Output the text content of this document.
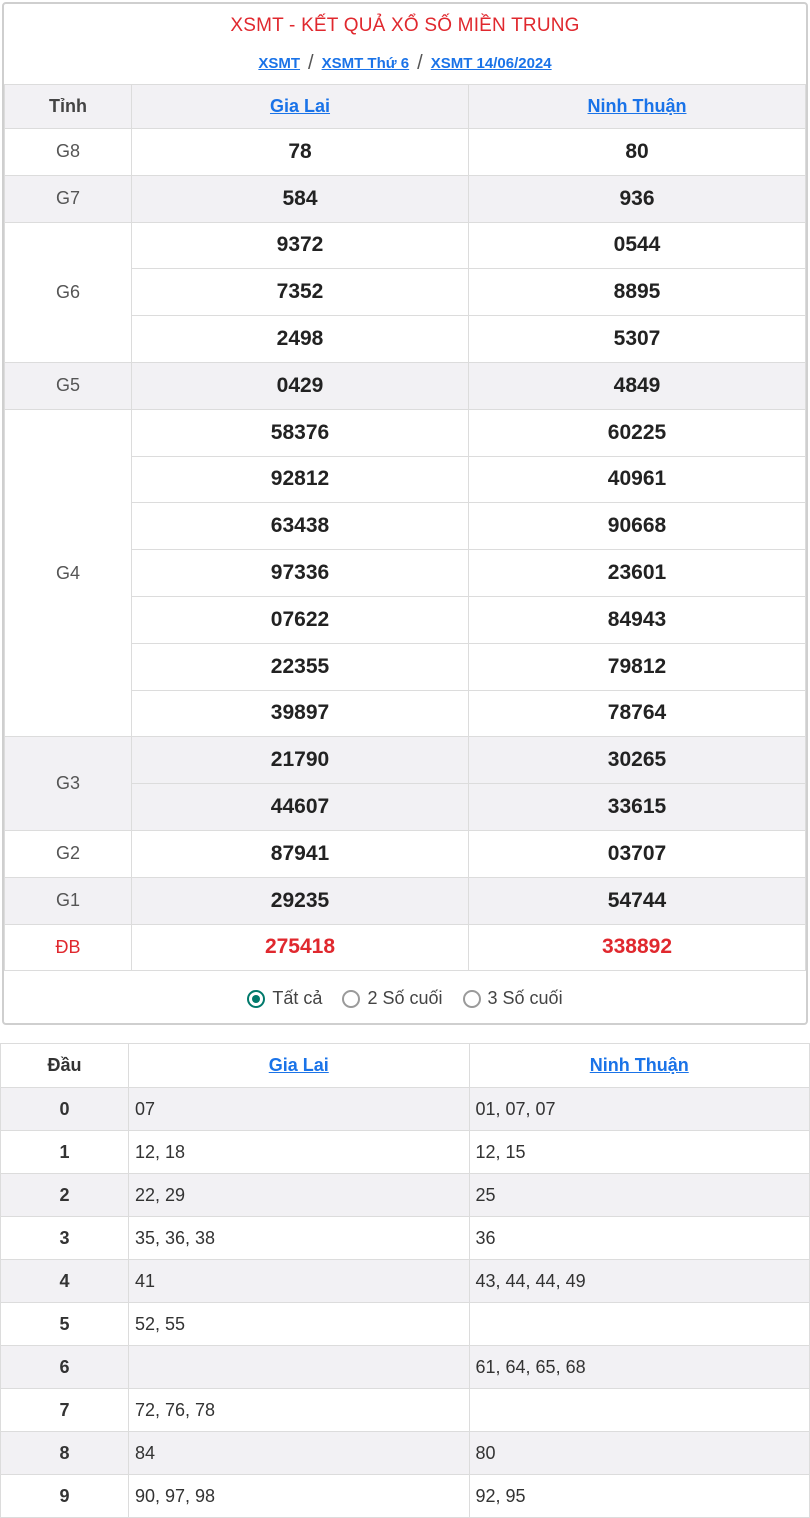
XSMT - KẾT QUẢ XỔ SỐ MIỀN TRUNG
XSMT / XSMT Thứ 6 / XSMT 14/06/2024
Tỉnh	Gia Lai	Ninh Thuận
G8	78	80
G7	584	936
G6	9372	0544
	7352	8895
	2498	5307
G5	0429	4849
G4	58376	60225
	92812	40961
	63438	90668
	97336	23601
	07622	84943
	22355	79812
	39897	78764
G3	21790	30265
	44607	33615
G2	87941	03707
G1	29235	54744
ĐB	275418	338892
Tất cả	2 Số cuối	3 Số cuối
Đầu	Gia Lai	Ninh Thuận
0	07	01, 07, 07
1	12, 18	12, 15
2	22, 29	25
3	35, 36, 38	36
4	41	43, 44, 44, 49
5	52, 55	
6		61, 64, 65, 68
7	72, 76, 78	
8	84	80
9	90, 97, 98	92, 95
